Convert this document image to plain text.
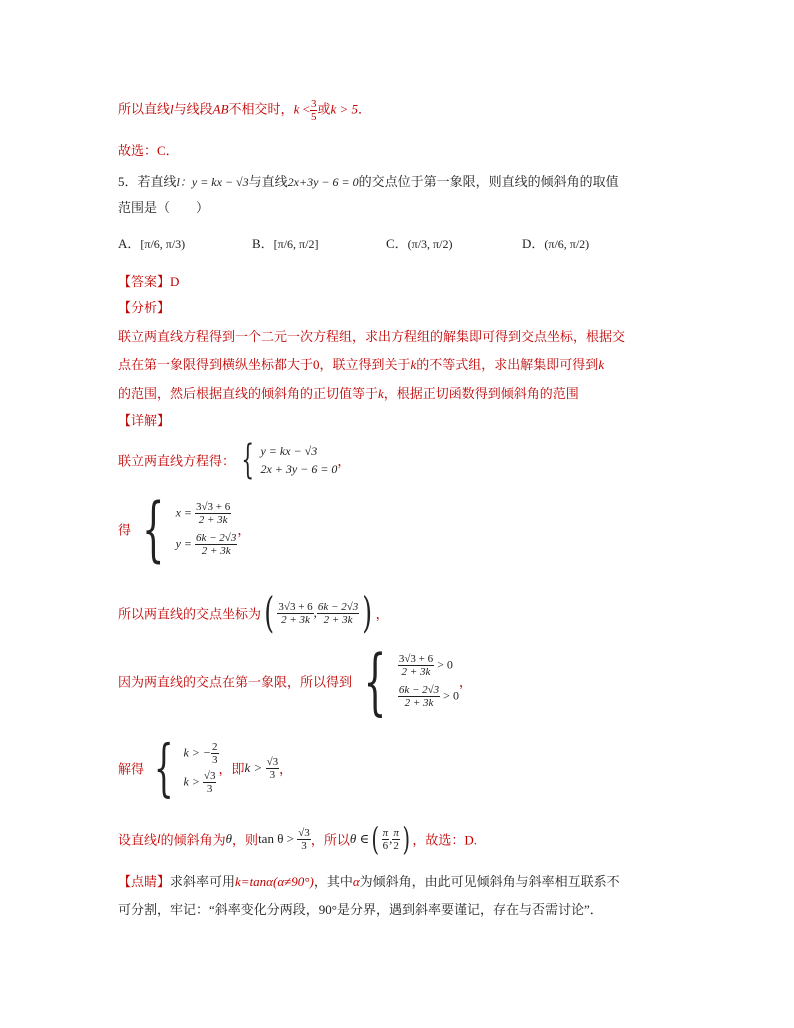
所以直线l与线段AB不相交时，$k < \frac{3}{5}$ 或k > 5．
故选：C．
5．若直线l：y = kx − √3与直线2x+3y − 6 = 0的交点位于第一象限，则直线的倾斜角的取值
范围是（　　）
A．[π/6, π/3)	B．[π/6, π/2]	C．(π/3, π/2)	D．(π/6, π/2)
【答案】D
【分析】
联立两直线方程得到一个二元一次方程组，求出方程组的解集即可得到交点坐标，根据交
点在第一象限得到横纵坐标都大于0，联立得到关于k的不等式组，求出解集即可得到k
的范围，然后根据直线的倾斜角的正切值等于k，根据正切函数得到倾斜角的范围
【详解】
联立两直线方程得： { y = kx − √3
2x + 3y − 6 = 0
，
得 { $x = \frac{3√3 + 6}{2 + 3k}$
$y = \frac{6k - 2√3}{2 + 3k}$
，
所以两直线的交点坐标为( $\frac{3√3 + 6}{2 + 3k}$ , $\frac{6k - 2√3}{2 + 3k}$ ) ，
因为两直线的交点在第一象限，所以得到 { $\frac{3√3 + 6}{2 + 3k} > 0$
$\frac{6k - 2√3}{2 + 3k} > 0$
，
解得 { k > − $\frac{2}{3}$
$k > \frac{√3}{3}$
，即$k > \frac{√3}{3}$ ，
设直线l的倾斜角为θ，则$\tan \theta > \frac{√3}{3}$ ，所以θ ∈( $\frac{\pi}{6}$ , $\frac{\pi}{2}$ ) ，故选：D.
【点睛】求斜率可用k=tanα(α≠90°)，其中α为倾斜角，由此可见倾斜角与斜率相互联系不
可分割，牢记：“斜率变化分两段，90°是分界，遇到斜率要谨记，存在与否需讨论”．
